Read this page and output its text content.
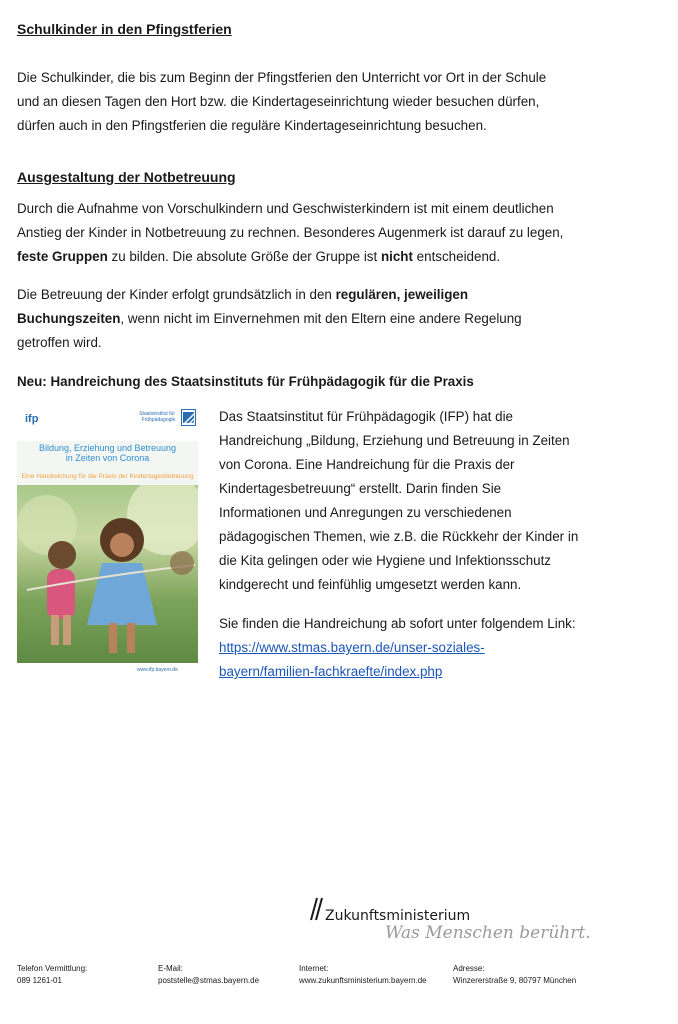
Schulkinder in den Pfingstferien

Die Schulkinder, die bis zum Beginn der Pfingstferien den Unterricht vor Ort in der Schule

und an diesen Tagen den Hort bzw. die Kindertageseinrichtung wieder besuchen dürfen,

dürfen auch in den Pfingstferien die reguläre Kindertageseinrichtung besuchen.

Ausgestaltung der Notbetreuung

Durch die Aufnahme von Vorschulkindern und Geschwisterkindern ist mit einem deutlichen

Anstieg der Kinder in Notbetreuung zu rechnen. Besonderes Augenmerk ist darauf zu legen,

feste Gruppen zu bilden. Die absolute Größe der Gruppe ist nicht entscheidend.

Die Betreuung der Kinder erfolgt grundsätzlich in den regulären, jeweiligen

Buchungszeiten, wenn nicht im Einvernehmen mit den Eltern eine andere Regelung

getroffen wird.

Neu: Handreichung des Staatsinstituts für Frühpädagogik für die Praxis
ifp	Staatsinstitut für Frühpädagogik
Bildung, Erziehung und Betreuung
in Zeiten von Corona
Eine Handreichung für die Praxis der Kindertagesbetreuung
www.ifp.bayern.de

Das Staatsinstitut für Frühpädagogik (IFP) hat die

Handreichung „Bildung, Erziehung und Betreuung in Zeiten

von Corona. Eine Handreichung für die Praxis der

Kindertagesbetreuung“ erstellt. Darin finden Sie

Informationen und Anregungen zu verschiedenen

pädagogischen Themen, wie z.B. die Rückkehr der Kinder in

die Kita gelingen oder wie Hygiene und Infektionsschutz

kindgerecht und feinfühlig umgesetzt werden kann.

Sie finden die Handreichung ab sofort unter folgendem Link:

https://www.stmas.bayern.de/unser-soziales-

bayern/familien-fachkraefte/index.php

Zukunftsministerium
Was Menschen berührt.
Telefon Vermittlung:
089 1261-01
E-Mail:
poststelle@stmas.bayern.de
Internet:
www.zukunftsministerium.bayern.de
Adresse:
Winzererstraße 9, 80797 München
